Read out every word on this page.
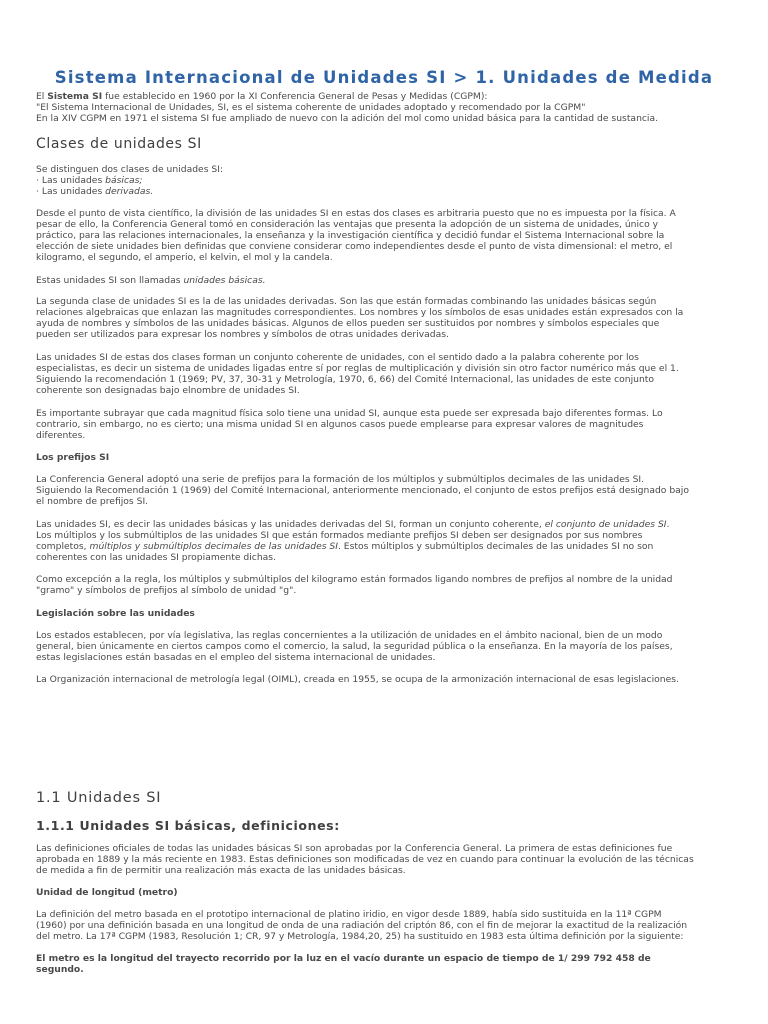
Sistema Internacional de Unidades SI > 1. Unidades de Medida

El Sistema SI fue establecido en 1960 por la XI Conferencia General de Pesas y Medidas (CGPM):

"El Sistema Internacional de Unidades, SI, es el sistema coherente de unidades adoptado y recomendado por la CGPM"

En la XIV CGPM en 1971 el sistema SI fue ampliado de nuevo con la adición del mol como unidad básica para la cantidad de sustancia.

Clases de unidades SI

Se distinguen dos clases de unidades SI:

· Las unidades básicas;

· Las unidades derivadas.

Desde el punto de vista científico, la división de las unidades SI en estas dos clases es arbitraria puesto que no es impuesta por la física. A

pesar de ello, la Conferencia General tomó en consideración las ventajas que presenta la adopción de un sistema de unidades, único y

práctico, para las relaciones internacionales, la enseñanza y la investigación científica y decidió fundar el Sistema Internacional sobre la

elección de siete unidades bien definidas que conviene considerar como independientes desde el punto de vista dimensional: el metro, el

kilogramo, el segundo, el amperio, el kelvin, el mol y la candela.

Estas unidades SI son llamadas unidades básicas.

La segunda clase de unidades SI es la de las unidades derivadas. Son las que están formadas combinando las unidades básicas según

relaciones algebraicas que enlazan las magnitudes correspondientes. Los nombres y los símbolos de esas unidades están expresados con la

ayuda de nombres y símbolos de las unidades básicas. Algunos de ellos pueden ser sustituidos por nombres y símbolos especiales que

pueden ser utilizados para expresar los nombres y símbolos de otras unidades derivadas.

Las unidades SI de estas dos clases forman un conjunto coherente de unidades, con el sentido dado a la palabra coherente por los

especialistas, es decir un sistema de unidades ligadas entre sí por reglas de multiplicación y división sin otro factor numérico más que el 1.

Siguiendo la recomendación 1 (1969; PV, 37, 30-31 y Metrología, 1970, 6, 66) del Comité Internacional, las unidades de este conjunto

coherente son designadas bajo elnombre de unidades SI.

Es importante subrayar que cada magnitud física solo tiene una unidad SI, aunque esta puede ser expresada bajo diferentes formas. Lo

contrario, sin embargo, no es cierto; una misma unidad SI en algunos casos puede emplearse para expresar valores de magnitudes

diferentes.

Los prefijos SI

La Conferencia General adoptó una serie de prefijos para la formación de los múltiplos y submúltiplos decimales de las unidades SI.

Siguiendo la Recomendación 1 (1969) del Comité Internacional, anteriormente mencionado, el conjunto de estos prefijos está designado bajo

el nombre de prefijos SI.

Las unidades SI, es decir las unidades básicas y las unidades derivadas del SI, forman un conjunto coherente, el conjunto de unidades SI.

Los múltiplos y los submúltiplos de las unidades SI que están formados mediante prefijos SI deben ser designados por sus nombres

completos, múltiplos y submúltiplos decimales de las unidades SI. Estos múltiplos y submúltiplos decimales de las unidades SI no son

coherentes con las unidades SI propiamente dichas.

Como excepción a la regla, los múltiplos y submúltiplos del kilogramo están formados ligando nombres de prefijos al nombre de la unidad

"gramo" y símbolos de prefijos al símbolo de unidad "g".

Legislación sobre las unidades

Los estados establecen, por vía legislativa, las reglas concernientes a la utilización de unidades en el ámbito nacional, bien de un modo

general, bien únicamente en ciertos campos como el comercio, la salud, la seguridad pública o la enseñanza. En la mayoría de los países,

estas legislaciones están basadas en el empleo del sistema internacional de unidades.

La Organización internacional de metrología legal (OIML), creada en 1955, se ocupa de la armonización internacional de esas legislaciones.

1.1 Unidades SI
1.1.1 Unidades SI básicas, definiciones:

Las definiciones oficiales de todas las unidades básicas SI son aprobadas por la Conferencia General. La primera de estas definiciones fue

aprobada en 1889 y la más reciente en 1983. Estas definiciones son modificadas de vez en cuando para continuar la evolución de las técnicas

de medida a fin de permitir una realización más exacta de las unidades básicas.

Unidad de longitud (metro)

La definición del metro basada en el prototipo internacional de platino iridio, en vigor desde 1889, había sido sustituida en la 11ª CGPM

(1960) por una definición basada en una longitud de onda de una radiación del criptón 86, con el fin de mejorar la exactitud de la realización

del metro. La 17ª CGPM (1983, Resolución 1; CR, 97 y Metrología, 1984,20, 25) ha sustituido en 1983 esta última definición por la siguiente:

El metro es la longitud del trayecto recorrido por la luz en el vacío durante un espacio de tiempo de 1/ 299 792 458 de

segundo.
